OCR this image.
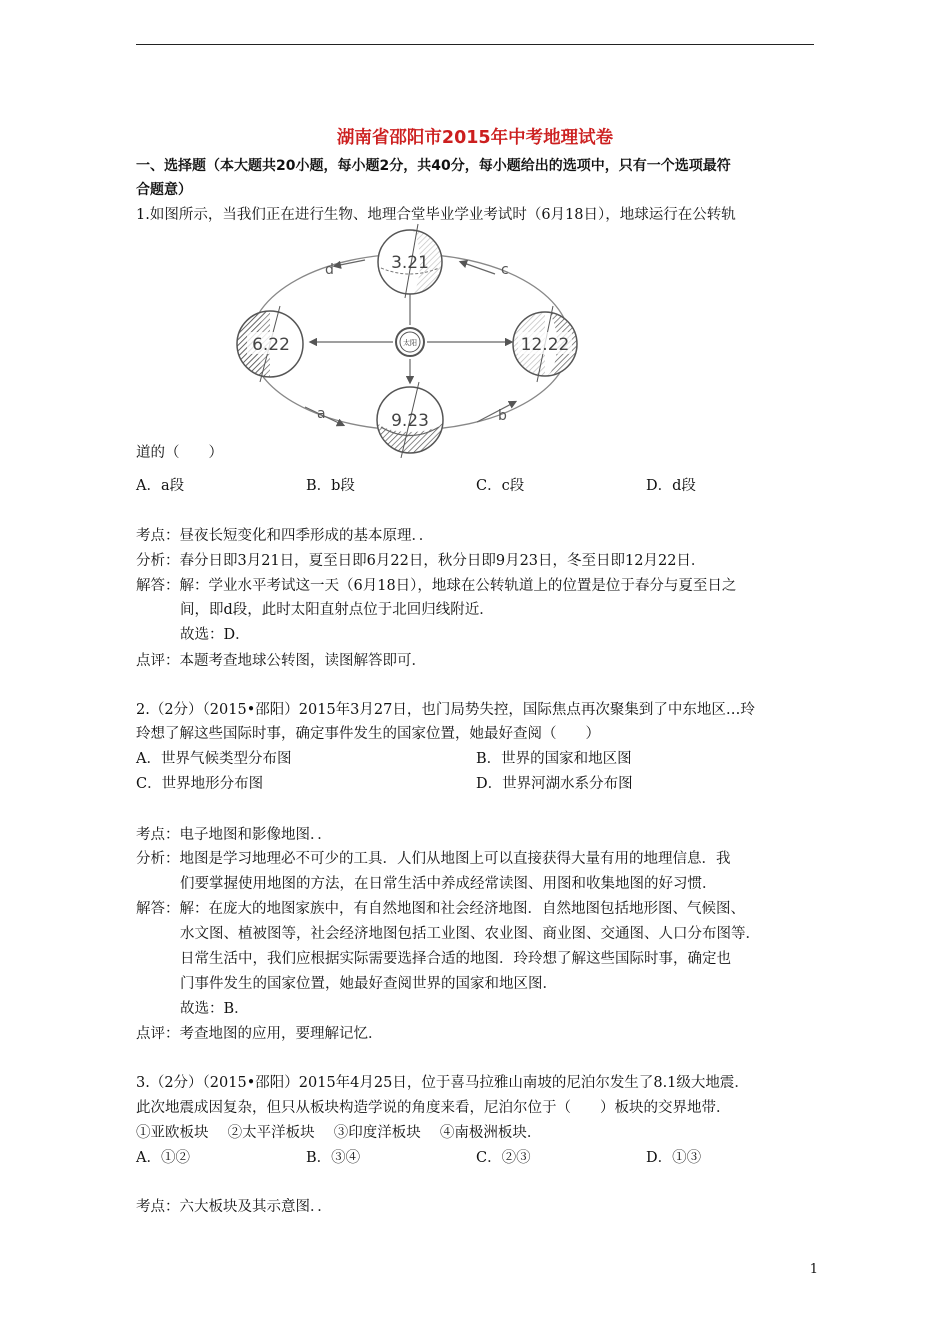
湖南省邵阳市2015年中考地理试卷
一、选择题（本大题共20小题，每小题2分，共40分，每小题给出的选项中，只有一个选项最符
合题意）
1.如图所示，当我们正在进行生物、地理合堂毕业学业考试时（6月18日），地球运行在公转轨
太阳
3.21
6.22
9.23
12.22
d	c
a	b
道的（　　）
A．a段	B．b段	C．c段	D．d段
考点：昼夜长短变化和四季形成的基本原理．．
分析：春分日即3月21日，夏至日即6月22日，秋分日即9月23日，冬至日即12月22日．
解答：解：学业水平考试这一天（6月18日），地球在公转轨道上的位置是位于春分与夏至日之
间，即d段，此时太阳直射点位于北回归线附近．
故选：D．
点评：本题考查地球公转图，读图解答即可．
2.（2分）（2015•邵阳）2015年3月27日，也门局势失控，国际焦点再次聚集到了中东地区…玲
玲想了解这些国际时事，确定事件发生的国家位置，她最好查阅（　　）
A．世界气候类型分布图	B．世界的国家和地区图
C．世界地形分布图	D．世界河湖水系分布图
考点：电子地图和影像地图．．
分析：地图是学习地理必不可少的工具．人们从地图上可以直接获得大量有用的地理信息．我
们要掌握使用地图的方法，在日常生活中养成经常读图、用图和收集地图的好习惯．
解答：解：在庞大的地图家族中，有自然地图和社会经济地图．自然地图包括地形图、气候图、
水文图、植被图等，社会经济地图包括工业图、农业图、商业图、交通图、人口分布图等．
日常生活中，我们应根据实际需要选择合适的地图．玲玲想了解这些国际时事，确定也
门事件发生的国家位置，她最好查阅世界的国家和地区图．
故选：B．
点评：考查地图的应用，要理解记忆．
3.（2分）（2015•邵阳）2015年4月25日，位于喜马拉雅山南坡的尼泊尔发生了8.1级大地震．
此次地震成因复杂，但只从板块构造学说的角度来看，尼泊尔位于（　　）板块的交界地带．
①亚欧板块　 ②太平洋板块　 ③印度洋板块　 ④南极洲板块．
A．①②	B．③④	C．②③	D．①③
考点：六大板块及其示意图．．
1
